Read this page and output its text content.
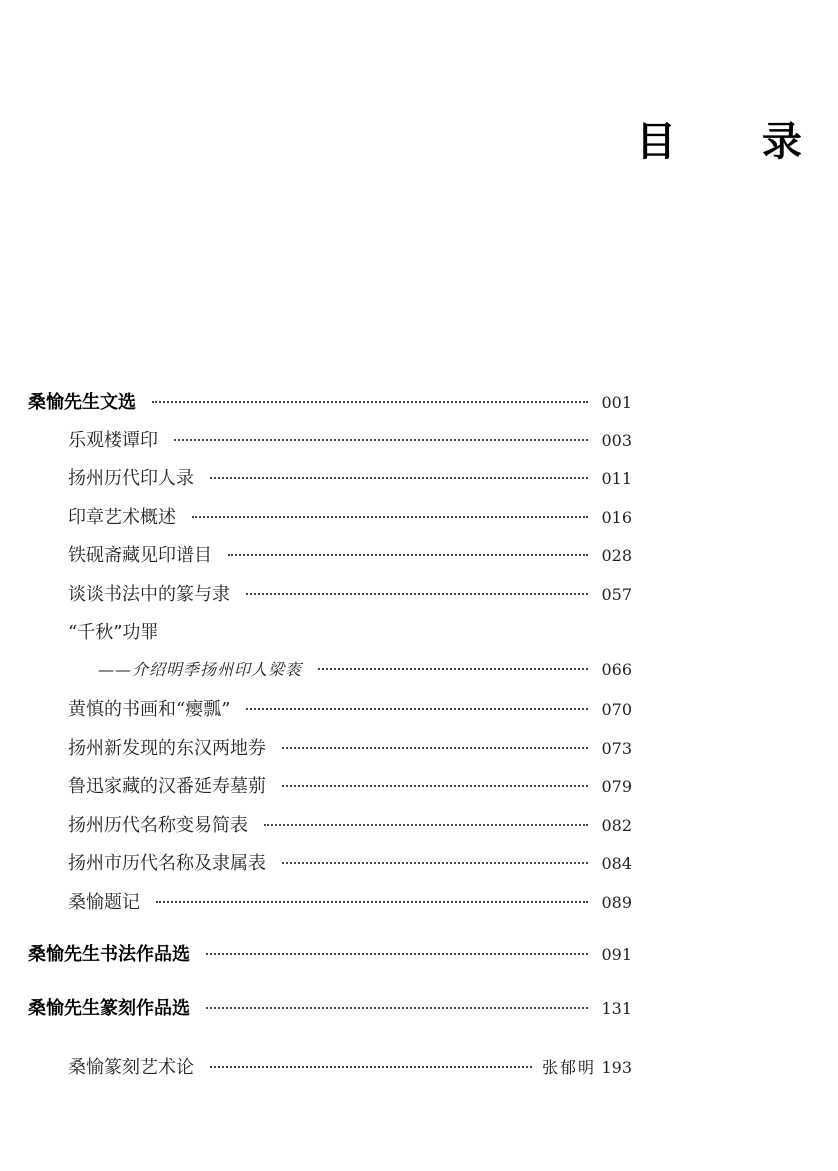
目 录
桑愉先生文选	001
乐观楼谭印	003
扬州历代印人录	011
印章艺术概述	016
铁砚斋藏见印谱目	028
谈谈书法中的篆与隶	057
“千秋”功罪
——介绍明季扬州印人梁袠	066
黄慎的书画和“瘿瓢”	070
扬州新发现的东汉两地券	073
鲁迅家藏的汉番延寿墓莂	079
扬州历代名称变易简表	082
扬州市历代名称及隶属表	084
桑愉题记	089
桑愉先生书法作品选	091
桑愉先生篆刻作品选	131
桑愉篆刻艺术论	张郁明 193
